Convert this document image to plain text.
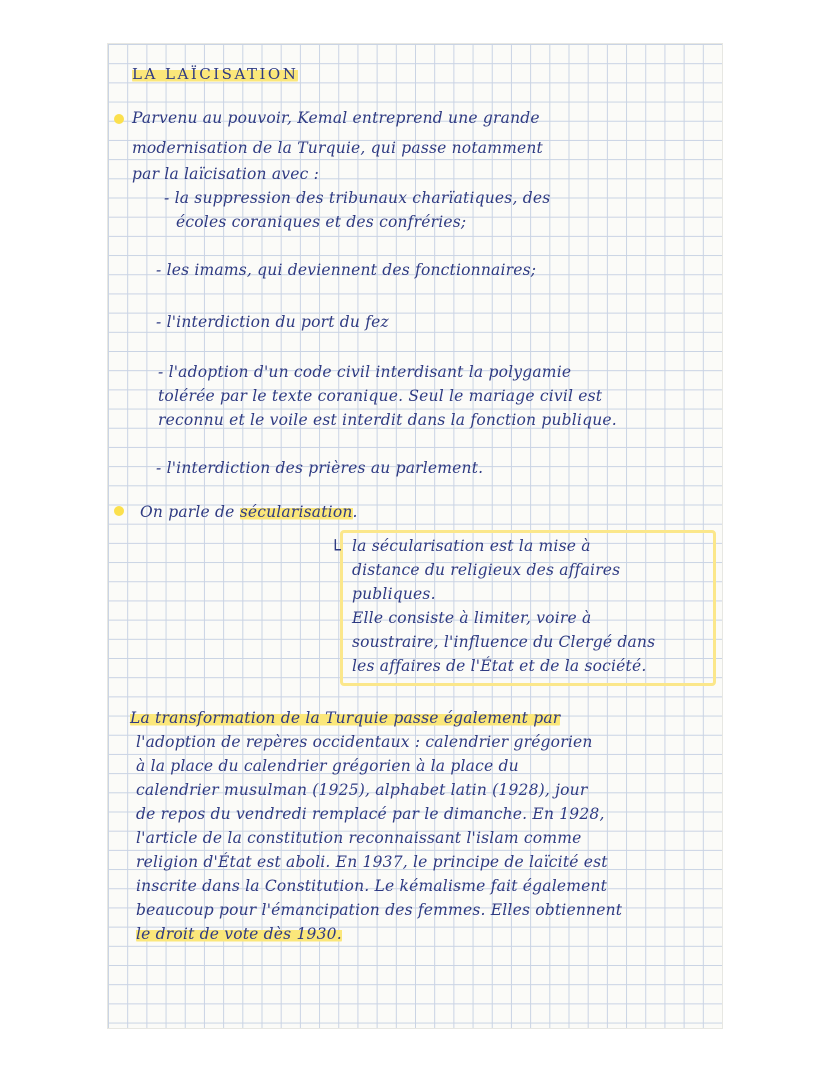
LA LAÏCISATION
Parvenu au pouvoir, Kemal entreprend une grande
modernisation de la Turquie, qui passe notamment
par la laïcisation avec :
- la suppression des tribunaux charïatiques, des
écoles coraniques et des confréries;
- les imams, qui deviennent des fonctionnaires;
- l'interdiction du port du fez
- l'adoption d'un code civil interdisant la polygamie
tolérée par le texte coranique. Seul le mariage civil est
reconnu et le voile est interdit dans la fonction publique.
- l'interdiction des prières au parlement.
On parle de sécularisation.
└ la sécularisation est la mise à
distance du religieux des affaires
publiques.
Elle consiste à limiter, voire à
soustraire, l'influence du Clergé dans
les affaires de l'État et de la société.
La transformation de la Turquie passe également par
l'adoption de repères occidentaux : calendrier grégorien
à la place du calendrier grégorien à la place du
calendrier musulman (1925), alphabet latin (1928), jour
de repos du vendredi remplacé par le dimanche. En 1928,
l'article de la constitution reconnaissant l'islam comme
religion d'État est aboli. En 1937, le principe de laïcité est
inscrite dans la Constitution. Le kémalisme fait également
beaucoup pour l'émancipation des femmes. Elles obtiennent
le droit de vote dès 1930.
